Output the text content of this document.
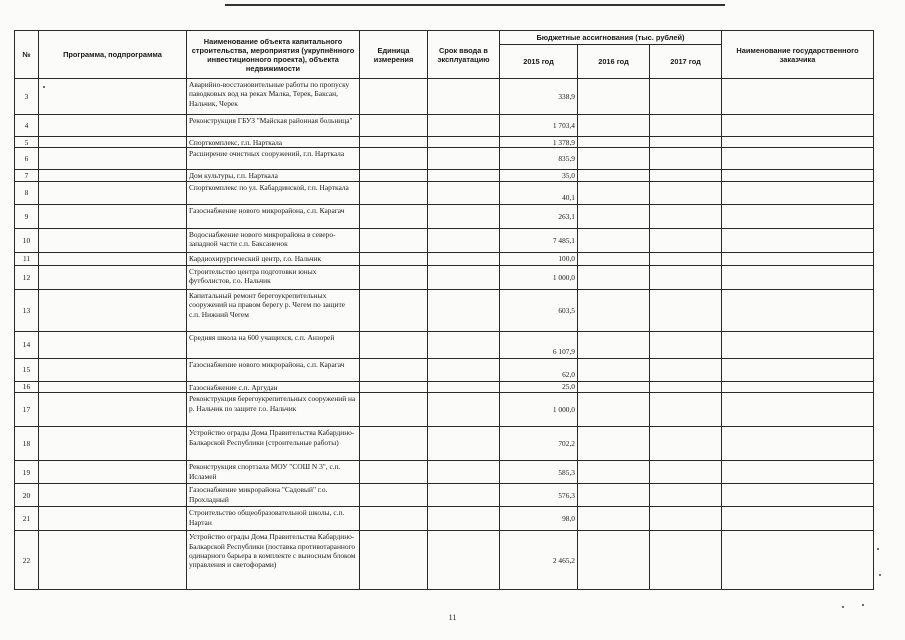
№	Программа, подпрограмма	Наименование объекта капитального строительства, мероприятия (укрупнённого инвестиционного проекта), объекта недвижимости	Единица измерения	Срок ввода в эксплуатацию	Бюджетные ассигнования (тыс. рублей)			Наименование государственного заказчика
					2015 год	2016 год	2017 год	
3		Аварийно-восстановительные работы по пропуску паводковых вод на реках Малка, Терек, Баксан, Нальчик, Черек			338,9			
4		Реконструкция ГБУЗ "Майская районная больница"			1 703,4			
5		Спорткомплекс, г.п. Нарткала			1 378,9			
6		Расширение очистных сооружений, г.п. Нарткала			835,9			
7		Дом культуры, г.п. Нарткала			35,0			
8		Спорткомплекс по ул. Кабардинской, г.п. Нарткала			40,1			
9		Газоснабжение нового микрорайона, с.п. Карагач			263,1			
10		Водоснабжение нового микрорайона в северо-западной части с.п. Баксаненок			7 485,1			
11		Кардиохирургический центр, г.о. Нальчик			100,0			
12		Строительство центра подготовки юных футболистов, г.о. Нальчик			1 000,0			
13		Капитальный ремонт берегоукрепительных сооружений на правом берегу р. Чегем по защите с.п. Нижний Чегем			603,5			
14		Средняя школа на 600 учащихся, с.п. Анзорей			6 107,9			
15		Газоснабжение нового микрорайона, с.п. Карагач			62,0			
16		Газоснабжение с.п. Аргудан			25,0			
17		Реконструкция берегоукрепительных сооружений на р. Нальчик по защите г.о. Нальчик			1 000,0			
18		Устройство ограды Дома Правительства Кабардино-Балкарской Республики (строительные работы)			702,2			
19		Реконструкция спортзала МОУ "СОШ N 3", с.п. Исламей			585,3			
20		Газоснабжение микрорайона "Садовый" г.о. Прохладный			576,3			
21		Строительство общеобразовательной школы, с.п. Нартан			98,0			
22		Устройство ограды Дома Правительства Кабардино-Балкарской Республики (поставка противотаранного одинарного барьера в комплекте с выносным блоком управления и светофорами)			2 465,2			
11
